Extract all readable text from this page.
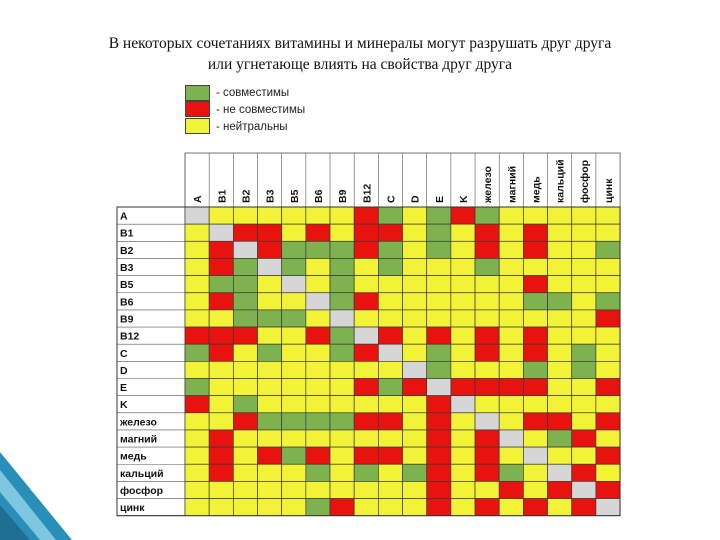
В некоторых сочетаниях витамины и минералы могут разрушать друг друга
или угнетающе влиять на свойства друг друга
- совместимы
- не совместимы
- нейтральны
A
B1
B2
B3
B5
B6
B9
B12
C
D
E
K
железо
магний
медь
кальций
фосфор
цинк
A B1 B2 B3 B5 B6 B9 B12 C D E K железо магний медь кальций фосфор цинк
